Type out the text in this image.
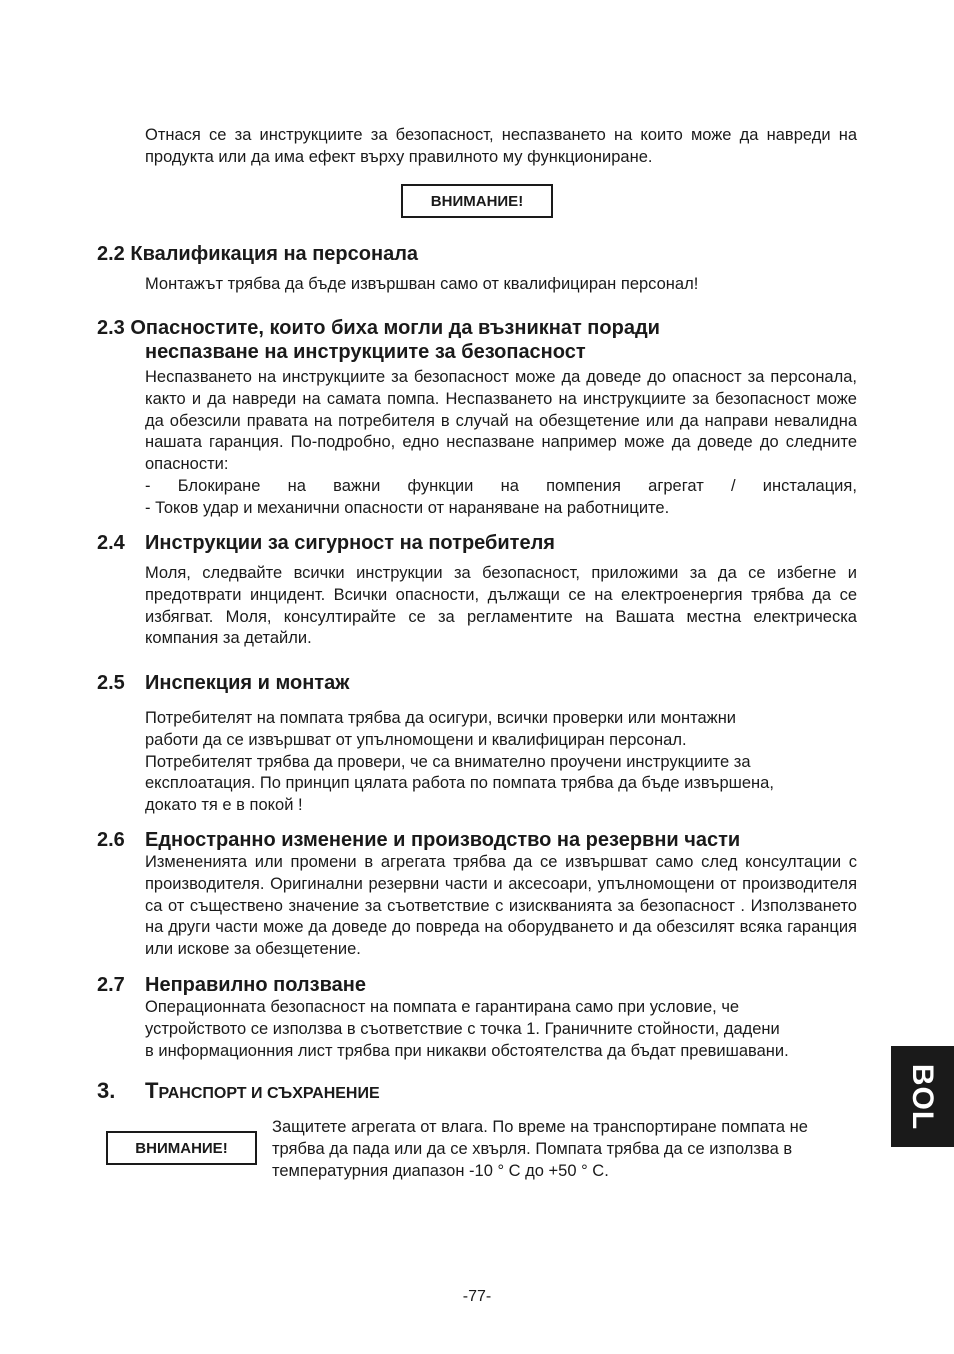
Отнася се за инструкциите за безопасност, неспазването на които може да навреди на продукта или да има ефект върху правилното му функциониране.

ВНИМАНИЕ!
2.2 Квалификация на персонала

Монтажът трябва да бъде извършван само от квалифициран персонал!

2.3 Опасностите, които биха могли да възникнат поради
неспазване на инструкциите за безопасност
Неспазването на инструкциите за безопасност може да доведе до опасност за персонала, както и да навреди на самата помпа. Неспазването на инструкциите за безопасност може да обезсили правата на потребителя в случай на обезщетение или да направи невалидна нашата гаранция. По-подробно, едно неспазване например може да доведе до следните опасности:
- Блокиране на важни функции на помпения агрегат / инсталация,
- Токов удар и механични опасности от нараняване на работниците.
2.4 Инструкции за сигурност на потребителя

Моля, следвайте всички инструкции за безопасност, приложими за да се избегне и предотврати инцидент. Всички опасности, дължащи се на електроенергия трябва да се избягват. Моля, консултирайте се за регламентите на Вашата местна електрическа компания за детайли.

2.5 Инспекция и монтаж
Потребителят на помпата трябва да осигури, всички проверки или монтажни
работи да се извършват от упълномощени и квалифициран персонал.
Потребителят трябва да провери, че са внимателно проучени инструкциите за
експлоатация. По принцип цялата работа по помпата трябва да бъде извършена,
докато тя е в покой !
2.6 Едностранно изменение и производство на резервни части

Измененията или промени в агрегата трябва да се извършват само след консултации с производителя. Оригинални резервни части и аксесоари, упълномощени от производителя са от съществено значение за съответствие с изискванията за безопасност . Използването на други части може да доведе до повреда на оборудването и да обезсилят всяка гаранция или искове за обезщетение.

2.7 Неправилно ползване
Операционната безопасност на помпата е гарантирана само при условие, че
устройството се използва в съответствие с точка 1. Граничните стойности, дадени
в информационния лист трябва при никакви обстоятелства да бъдат превишавани.
BOL
3. ТРАНСПОРТ И СЪХРАНЕНИЕ
ВНИМАНИЕ!

Защитете агрегата от влага. По време на транспортиране помпата не трябва да пада или да се хвърля. Помпата трябва да се използва в температурния диапазон -10 ° C до +50 ° C.

-77-
